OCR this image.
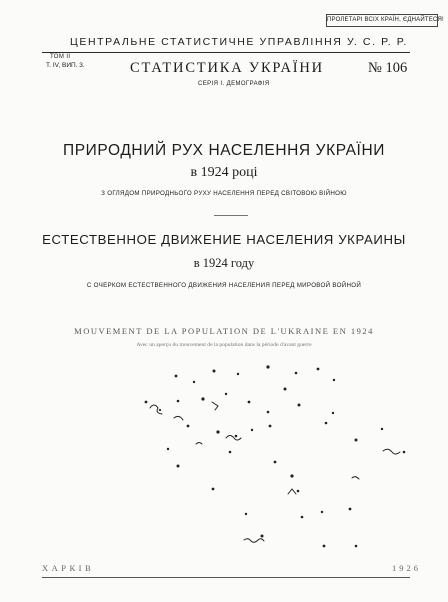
ПРОЛЕТАРІ ВСІХ КРАЇН, ЄДНАЙТЕСЯ!
ЦЕНТРАЛЬНЕ СТАТИСТИЧНЕ УПРАВЛІННЯ У. С. Р. Р.
ТОМ II
Т. IV, ВИП. 3.	СТАТИСТИКА УКРАЇНИ	№ 106
СЕРІЯ I. ДЕМОГРАФІЯ
ПРИРОДНИЙ РУХ НАСЕЛЕННЯ УКРАЇНИ
в 1924 році
З ОГЛЯДОМ ПРИРОДНЬОГО РУХУ НАСЕЛЕННЯ ПЕРЕД СВІТОВОЮ ВІЙНОЮ
ЕСТЕСТВЕННОЕ ДВИЖЕНИЕ НАСЕЛЕНИЯ УКРАИНЫ
в 1924 году
С ОЧЕРКОМ ЕСТЕСТВЕННОГО ДВИЖЕНИЯ НАСЕЛЕНИЯ ПЕРЕД МИРОВОЙ ВОЙНОЙ
MOUVEMENT DE LA POPULATION DE L'UKRAINE EN 1924
Avec un aperçu du mouvement de la population dans la période d'avant guerre
ХАРКІВ	1926
